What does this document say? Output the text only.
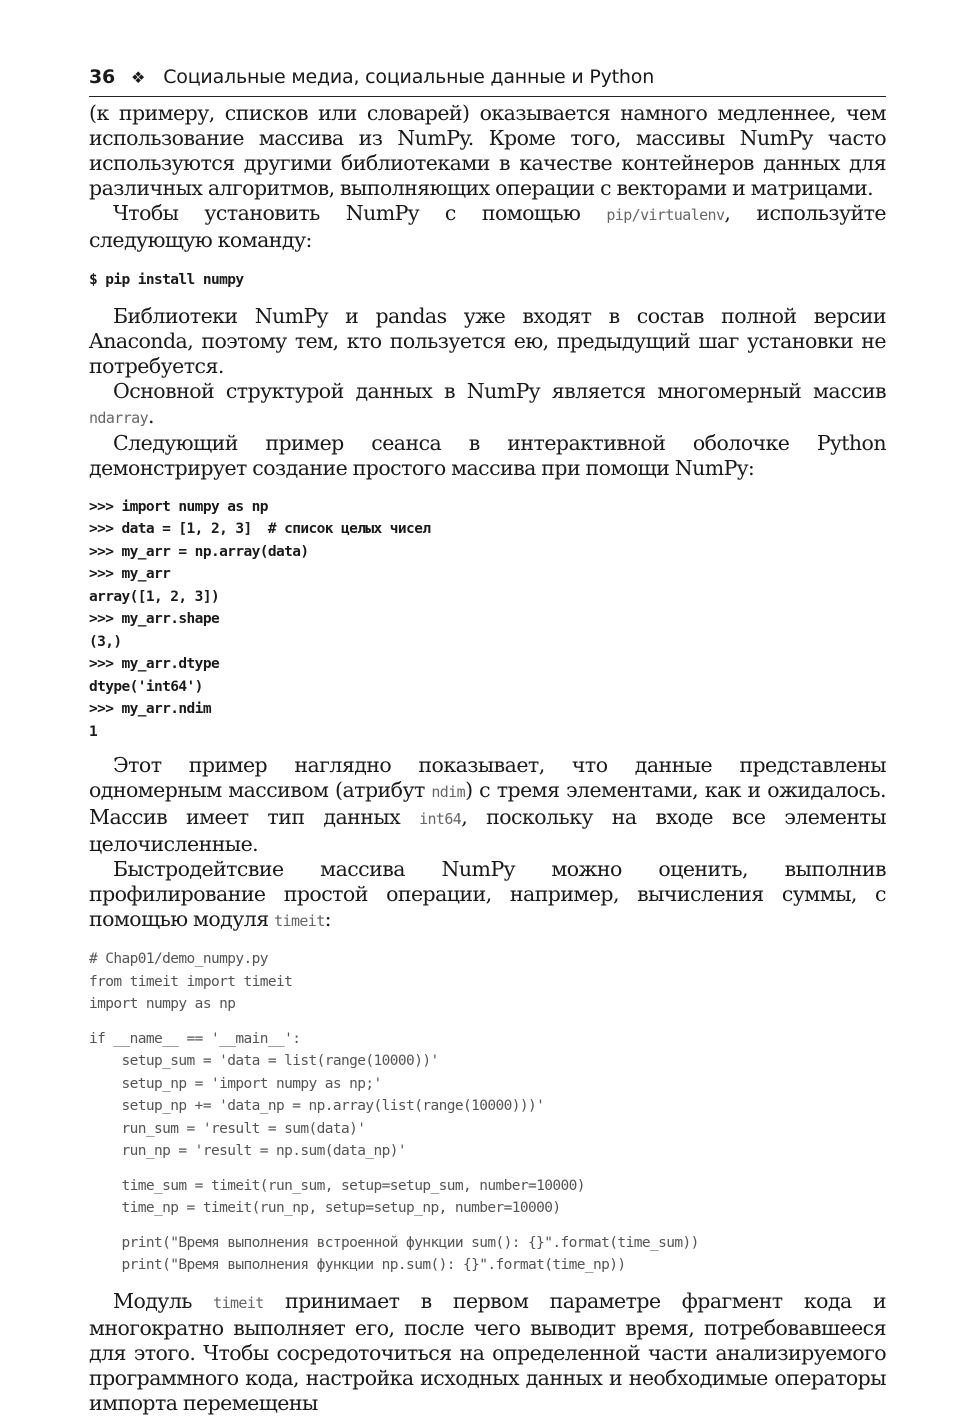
36 ❖ Социальные медиа, социальные данные и Python

(к примеру, списков или словарей) оказывается намного медленнее, чем использование массива из NumPy. Кроме того, массивы NumPy часто используются другими библиотеками в качестве контейнеров данных для различных алгоритмов, выполняющих операции с векторами и матрицами.

Чтобы установить NumPy с помощью pip/virtualenv, используйте следующую команду:

$ pip install numpy

Библиотеки NumPy и pandas уже входят в состав полной версии Anaconda, поэтому тем, кто пользуется ею, предыдущий шаг установки не потребуется.

Основной структурой данных в NumPy является многомерный массив ndarray.

Следующий пример сеанса в интерактивной оболочке Python демонстрирует создание простого массива при помощи NumPy:

>>> import numpy as np
>>> data = [1, 2, 3]  # список целых чисел
>>> my_arr = np.array(data)
>>> my_arr
array([1, 2, 3])
>>> my_arr.shape
(3,)
>>> my_arr.dtype
dtype('int64')
>>> my_arr.ndim
1

Этот пример наглядно показывает, что данные представлены одномерным массивом (атрибут ndim) с тремя элементами, как и ожидалось. Массив имеет тип данных int64, поскольку на входе все элементы целочисленные.

Быстродейтсвие массива NumPy можно оценить, выполнив профилирование простой операции, например, вычисления суммы, с помощью модуля timeit:

# Chap01/demo_numpy.py
from timeit import timeit
import numpy as np
if __name__ == '__main__':
setup_sum = 'data = list(range(10000))'
setup_np = 'import numpy as np;'
setup_np += 'data_np = np.array(list(range(10000)))'
run_sum = 'result = sum(data)'
run_np = 'result = np.sum(data_np)'
time_sum = timeit(run_sum, setup=setup_sum, number=10000)
time_np = timeit(run_np, setup=setup_np, number=10000)
print("Время выполнения встроенной функции sum(): {}".format(time_sum))
print("Время выполнения функции np.sum(): {}".format(time_np))

Модуль timeit принимает в первом параметре фрагмент кода и многократно выполняет его, после чего выводит время, потребовавшееся для этого. Чтобы сосредоточиться на определенной части анализируемого программного кода, настройка исходных данных и необходимые операторы импорта перемещены
